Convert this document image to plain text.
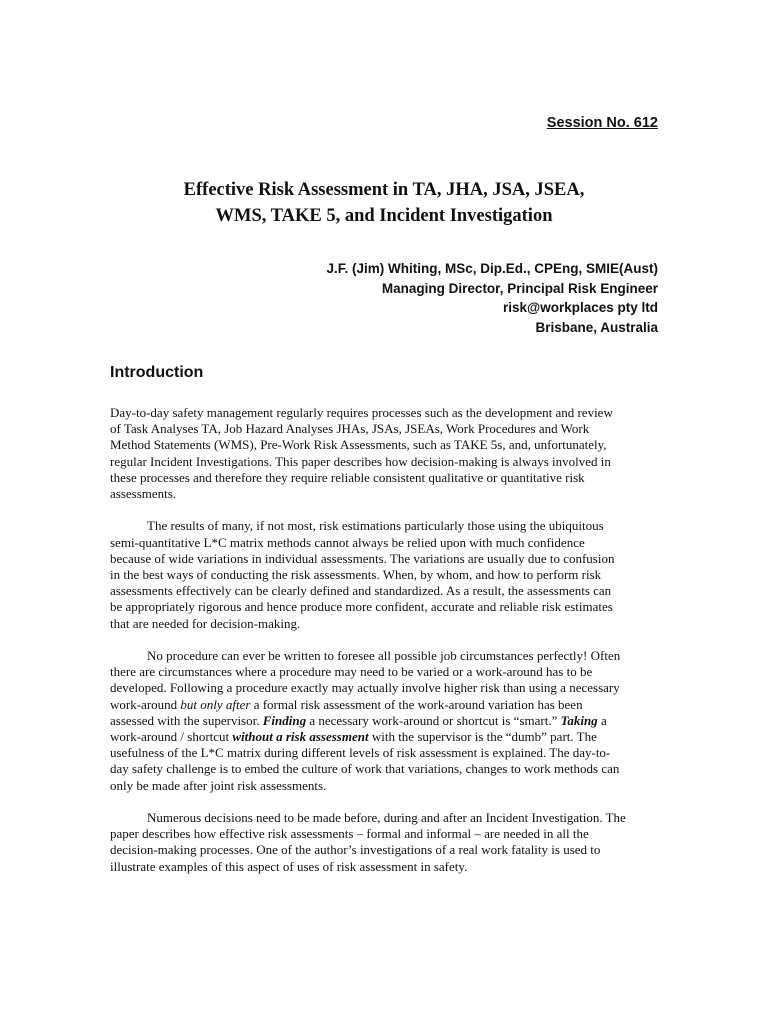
Session No. 612
Effective Risk Assessment in TA, JHA, JSA, JSEA,
WMS, TAKE 5, and Incident Investigation
J.F. (Jim) Whiting, MSc, Dip.Ed., CPEng, SMIE(Aust)
Managing Director, Principal Risk Engineer
risk@workplaces pty ltd
Brisbane, Australia
Introduction
Day-to-day safety management regularly requires processes such as the development and review
of Task Analyses TA, Job Hazard Analyses JHAs, JSAs, JSEAs, Work Procedures and Work
Method Statements (WMS), Pre-Work Risk Assessments, such as TAKE 5s, and, unfortunately,
regular Incident Investigations. This paper describes how decision-making is always involved in
these processes and therefore they require reliable consistent qualitative or quantitative risk
assessments.
The results of many, if not most, risk estimations particularly those using the ubiquitous
semi-quantitative L*C matrix methods cannot always be relied upon with much confidence
because of wide variations in individual assessments. The variations are usually due to confusion
in the best ways of conducting the risk assessments. When, by whom, and how to perform risk
assessments effectively can be clearly defined and standardized. As a result, the assessments can
be appropriately rigorous and hence produce more confident, accurate and reliable risk estimates
that are needed for decision-making.
No procedure can ever be written to foresee all possible job circumstances perfectly! Often
there are circumstances where a procedure may need to be varied or a work-around has to be
developed. Following a procedure exactly may actually involve higher risk than using a necessary
work-around but only after a formal risk assessment of the work-around variation has been
assessed with the supervisor. Finding a necessary work-around or shortcut is “smart.” Taking a
work-around / shortcut without a risk assessment with the supervisor is the “dumb” part. The
usefulness of the L*C matrix during different levels of risk assessment is explained. The day-to-
day safety challenge is to embed the culture of work that variations, changes to work methods can
only be made after joint risk assessments.
Numerous decisions need to be made before, during and after an Incident Investigation. The
paper describes how effective risk assessments – formal and informal – are needed in all the
decision-making processes. One of the author’s investigations of a real work fatality is used to
illustrate examples of this aspect of uses of risk assessment in safety.
